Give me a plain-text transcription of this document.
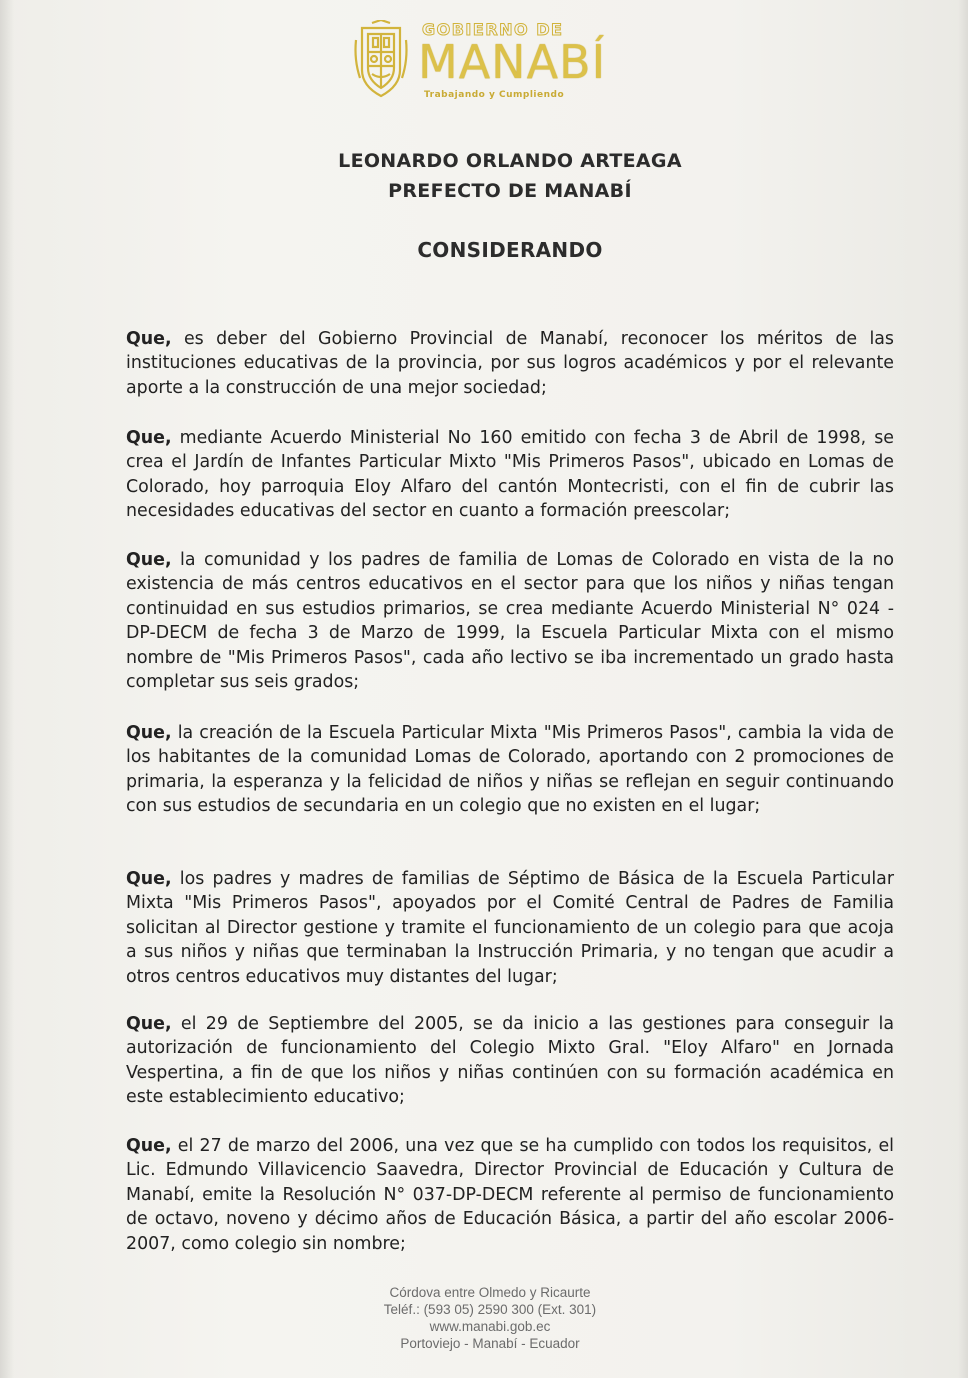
GOBIERNO DE
MANABÍ
Trabajando y Cumpliendo
LEONARDO ORLANDO ARTEAGA
PREFECTO DE MANABÍ
CONSIDERANDO

Que, es deber del Gobierno Provincial de Manabí, reconocer los méritos de las instituciones educativas de la provincia, por sus logros académicos y por el relevante aporte a la construcción de una mejor sociedad;

Que, mediante Acuerdo Ministerial No 160 emitido con fecha 3 de Abril de 1998, se crea el Jardín de Infantes Particular Mixto "Mis Primeros Pasos", ubicado en Lomas de Colorado, hoy parroquia Eloy Alfaro del cantón Montecristi, con el fin de cubrir las necesidades educativas del sector en cuanto a formación preescolar;

Que, la comunidad y los padres de familia de Lomas de Colorado en vista de la no existencia de más centros educativos en el sector para que los niños y niñas tengan continuidad en sus estudios primarios, se crea mediante Acuerdo Ministerial N° 024 - DP-DECM de fecha 3 de Marzo de 1999, la Escuela Particular Mixta con el mismo nombre de "Mis Primeros Pasos", cada año lectivo se iba incrementado un grado hasta completar sus seis grados;

Que, la creación de la Escuela Particular Mixta "Mis Primeros Pasos", cambia la vida de los habitantes de la comunidad Lomas de Colorado, aportando con 2 promociones de primaria, la esperanza y la felicidad de niños y niñas se reflejan en seguir continuando con sus estudios de secundaria en un colegio que no existen en el lugar;

Que, los padres y madres de familias de Séptimo de Básica de la Escuela Particular Mixta "Mis Primeros Pasos", apoyados por el Comité Central de Padres de Familia solicitan al Director gestione y tramite el funcionamiento de un colegio para que acoja a sus niños y niñas que terminaban la Instrucción Primaria, y no tengan que acudir a otros centros educativos muy distantes del lugar;

Que, el 29 de Septiembre del 2005, se da inicio a las gestiones para conseguir la autorización de funcionamiento del Colegio Mixto Gral. "Eloy Alfaro" en Jornada Vespertina, a fin de que los niños y niñas continúen con su formación académica en este establecimiento educativo;

Que, el 27 de marzo del 2006, una vez que se ha cumplido con todos los requisitos, el Lic. Edmundo Villavicencio Saavedra, Director Provincial de Educación y Cultura de Manabí, emite la Resolución N° 037-DP-DECM referente al permiso de funcionamiento de octavo, noveno y décimo años de Educación Básica, a partir del año escolar 2006-2007, como colegio sin nombre;

Córdova entre Olmedo y Ricaurte
Teléf.: (593 05) 2590 300 (Ext. 301)
www.manabi.gob.ec
Portoviejo - Manabí - Ecuador
